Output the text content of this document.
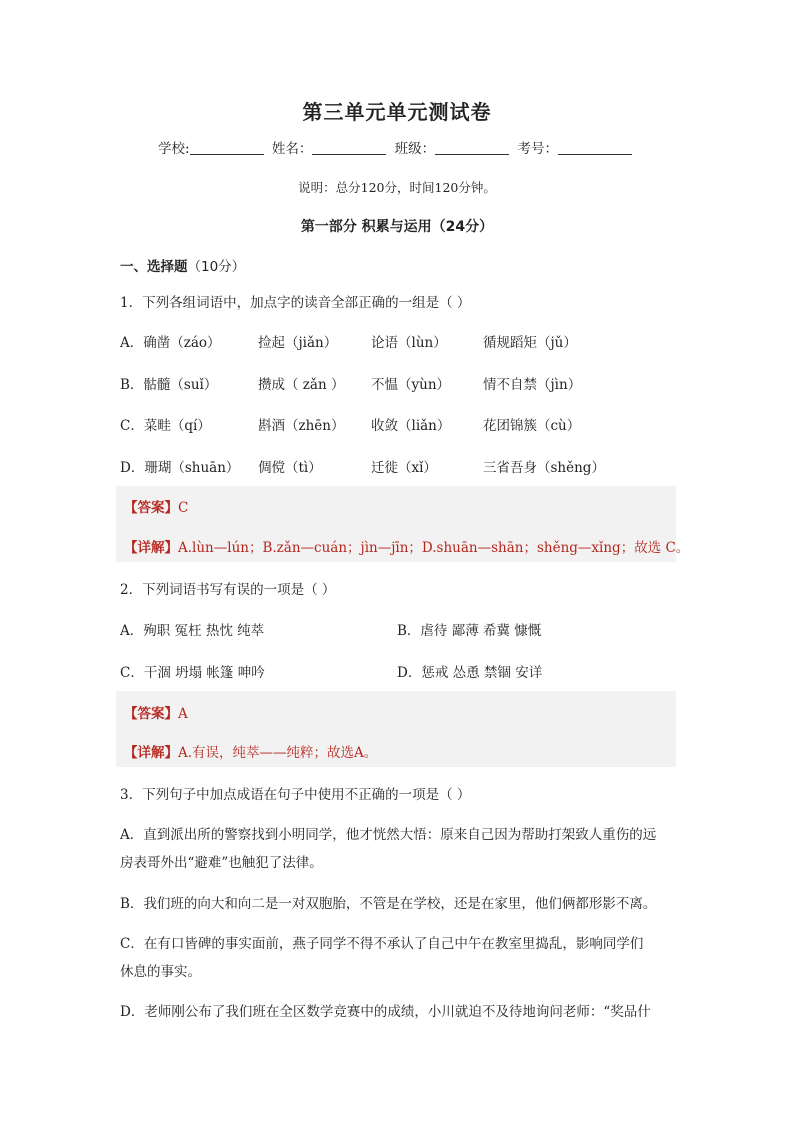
第三单元单元测试卷
学校:	姓名：	班级：	考号：
说明：总分120分，时间120分钟。
第一部分 积累与运用（24分）
一、选择题（10分）
1．下列各组词语中，加点字的读音全部正确的一组是（ ）
A．确凿（záo）	捡起（jiǎn）	论语（lùn）	循规蹈矩（jǔ）
B．骷髓（suǐ）	攒成（ zǎn ） 不愠（yùn） 情不自禁（jìn）
C．菜畦（qí）	斟酒（zhēn） 收敛（liǎn） 花团锦簇（cù）
D．珊瑚（shuān） 倜傥（tì）	迁徙（xǐ）	三省吾身（shěng）
【答案】C
【详解】A.lùn—lún；B.zǎn—cuán；jìn—jīn；D.shuān—shān；shěng—xǐng；故选 C。
2．下列词语书写有误的一项是（ ）
A．殉职 冤枉 热忱 纯萃	B．虐待 鄙薄 希冀 慷慨
C．干涸 坍塌 帐篷 呻吟	D．惩戒 怂恿 禁锢 安详
【答案】A
【详解】A.有误，纯萃——纯粹；故选A。
3．下列句子中加点成语在句子中使用不正确的一项是（ ）
A．直到派出所的警察找到小明同学，他才恍然大悟：原来自己因为帮助打架致人重伤的远
房表哥外出“避难”也触犯了法律。
B．我们班的向大和向二是一对双胞胎，不管是在学校，还是在家里，他们俩都形影不离。
C．在有口皆碑的事实面前，燕子同学不得不承认了自己中午在教室里捣乱，影响同学们
休息的事实。
D．老师刚公布了我们班在全区数学竞赛中的成绩，小川就迫不及待地询问老师：“奖品什
